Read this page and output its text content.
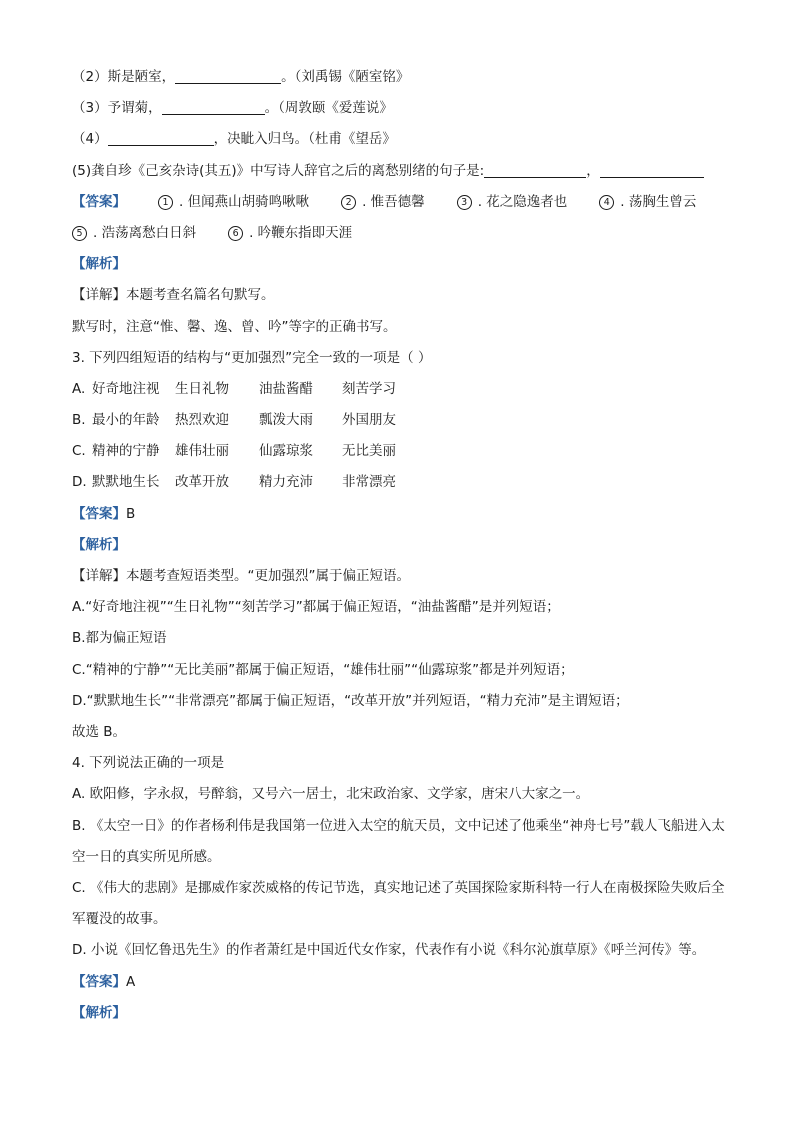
（2）斯是陋室，	。（刘禹锡《陋室铭》
（3）予谓菊，	。（周敦颐《爱莲说》
（4）	，决眦入归鸟。（杜甫《望岳》
(5)龚自珍《己亥杂诗(其五)》中写诗人辞官之后的离愁别绪的句子是:	，
【答案】	1 . 但闻燕山胡骑鸣啾啾	2 . 惟吾德馨	3 . 花之隐逸者也	4 . 荡胸生曾云
5 . 浩荡离愁白日斜	6 . 吟鞭东指即天涯
【解析】
【详解】本题考查名篇名句默写。
默写时，注意“惟、馨、逸、曾、吟”等字的正确书写。
3. 下列四组短语的结构与“更加强烈”完全一致的一项是（ ）
A. 好奇地注视 生日礼物 油盐酱醋 刻苦学习
B. 最小的年龄 热烈欢迎 瓢泼大雨 外国朋友
C. 精神的宁静 雄伟壮丽 仙露琼浆 无比美丽
D. 默默地生长 改革开放 精力充沛 非常漂亮
【答案】B
【解析】
【详解】本题考查短语类型。“更加强烈”属于偏正短语。
A.“好奇地注视”“生日礼物”“刻苦学习”都属于偏正短语，“油盐酱醋”是并列短语；
B.都为偏正短语
C.“精神的宁静”“无比美丽”都属于偏正短语，“雄伟壮丽”“仙露琼浆”都是并列短语；
D.“默默地生长”“非常漂亮”都属于偏正短语，“改革开放”并列短语，“精力充沛”是主谓短语；
故选 B。
4. 下列说法正确的一项是
A. 欧阳修，字永叔，号醉翁，又号六一居士，北宋政治家、文学家，唐宋八大家之一。
B. 《太空一日》的作者杨利伟是我国第一位进入太空的航天员，文中记述了他乘坐“神舟七号”载人飞船进入太空一日的真实所见所感。
C. 《伟大的悲剧》是挪威作家茨威格的传记节选，真实地记述了英国探险家斯科特一行人在南极探险失败后全军覆没的故事。
D. 小说《回忆鲁迅先生》的作者萧红是中国近代女作家，代表作有小说《科尔沁旗草原》《呼兰河传》等。
【答案】A
【解析】
